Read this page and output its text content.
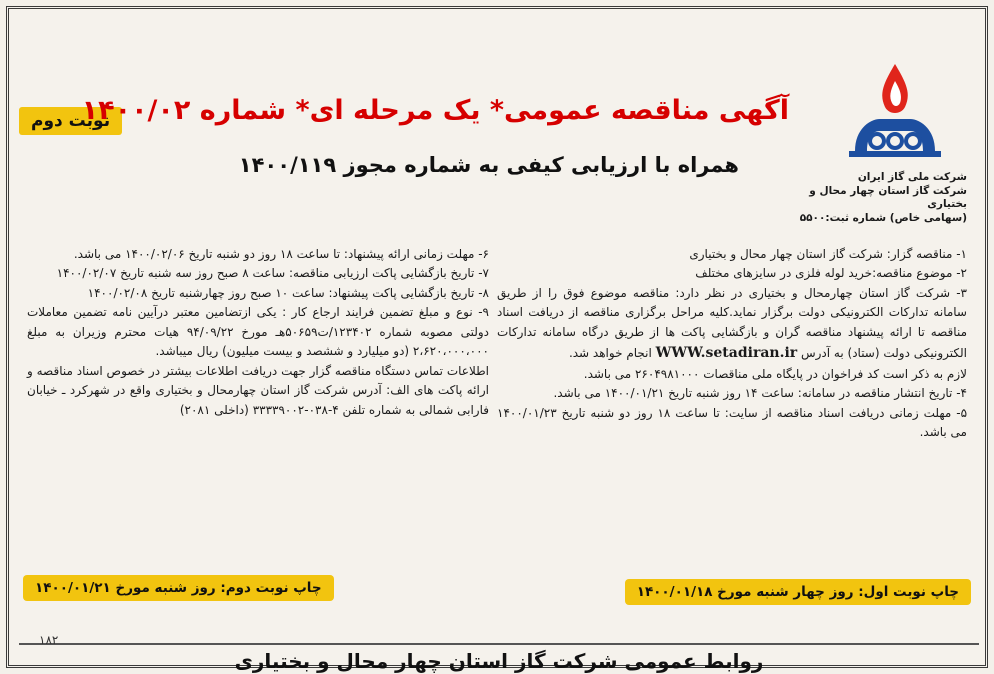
نوبت دوم
آگهی مناقصه عمومی* یک مرحله ای* شماره ۱۴۰۰/۰۲
همراه با ارزیابی کیفی به شماره مجوز ۱۴۰۰/۱۱۹	شرکت ملی گاز ایران
شرکت گاز استان چهار محال و بختیاری
(سهامی خاص) شماره ثبت:۵۵۰۰

۱- مناقصه گزار: شرکت گاز استان چهار محال و بختیاری

۲- موضوع مناقصه:خرید لوله فلزی در سایزهای مختلف

۳- شرکت گاز استان چهارمحال و بختیاری در نظر دارد: مناقصه موضوع فوق را از طریق سامانه تدارکات الکترونیکی دولت برگزار نماید.کلیه مراحل برگزاری مناقصه از دریافت اسناد مناقصه تا ارائه پیشنهاد مناقصه گران و بازگشایی پاکت ها از طریق درگاه سامانه تدارکات الکترونیکی دولت (ستاد) به آدرس WWW.setadiran.ir انجام خواهد شد.

لازم به ذکر است کد فراخوان در پایگاه ملی مناقصات ۲۶۰۴۹۸۱۰۰۰ می باشد.

۴- تاریخ انتشار مناقصه در سامانه: ساعت ۱۴ روز شنبه تاریخ ۱۴۰۰/۰۱/۲۱ می باشد.

۵- مهلت زمانی دریافت اسناد مناقصه از سایت: تا ساعت ۱۸ روز دو شنبه تاریخ ۱۴۰۰/۰۱/۲۳ می باشد.

۶- مهلت زمانی ارائه پیشنهاد: تا ساعت ۱۸ روز دو شنبه تاریخ ۱۴۰۰/۰۲/۰۶ می باشد.

۷- تاریخ بازگشایی پاکت ارزیابی مناقصه: ساعت ۸ صبح روز سه شنبه تاریخ ۱۴۰۰/۰۲/۰۷

۸- تاریخ بازگشایی پاکت پیشنهاد: ساعت ۱۰ صبح روز چهارشنبه تاریخ ۱۴۰۰/۰۲/۰۸

۹- نوع و مبلغ تضمین فرایند ارجاع کار : یکی ازتضامین معتبر درآیین نامه تضمین معاملات دولتی مصوبه شماره ۱۲۳۴۰۲/ت۵۰۶۵۹هـ مورخ ۹۴/۰۹/۲۲ هیات محترم وزیران به مبلغ ۲،۶۲۰،۰۰۰،۰۰۰ (دو میلیارد و ششصد و بیست میلیون) ریال میباشد.

اطلاعات تماس دستگاه مناقصه گزار جهت دریافت اطلاعات بیشتر در خصوص اسناد مناقصه و ارائه پاکت های الف: آدرس شرکت گاز استان چهارمحال و بختیاری واقع در شهرکرد ـ خیابان فارابی شمالی به شماره تلفن ۴-۰۳۸-۳۳۳۳۹۰۰۲ (داخلی ۲۰۸۱)

چاپ نوبت اول: روز چهار شنبه مورخ ۱۴۰۰/۰۱/۱۸
چاپ نوبت دوم: روز شنبه مورخ ۱۴۰۰/۰۱/۲۱
۱۸۲
روابط عمومی شرکت گاز استان چهار محال و بختیاری
